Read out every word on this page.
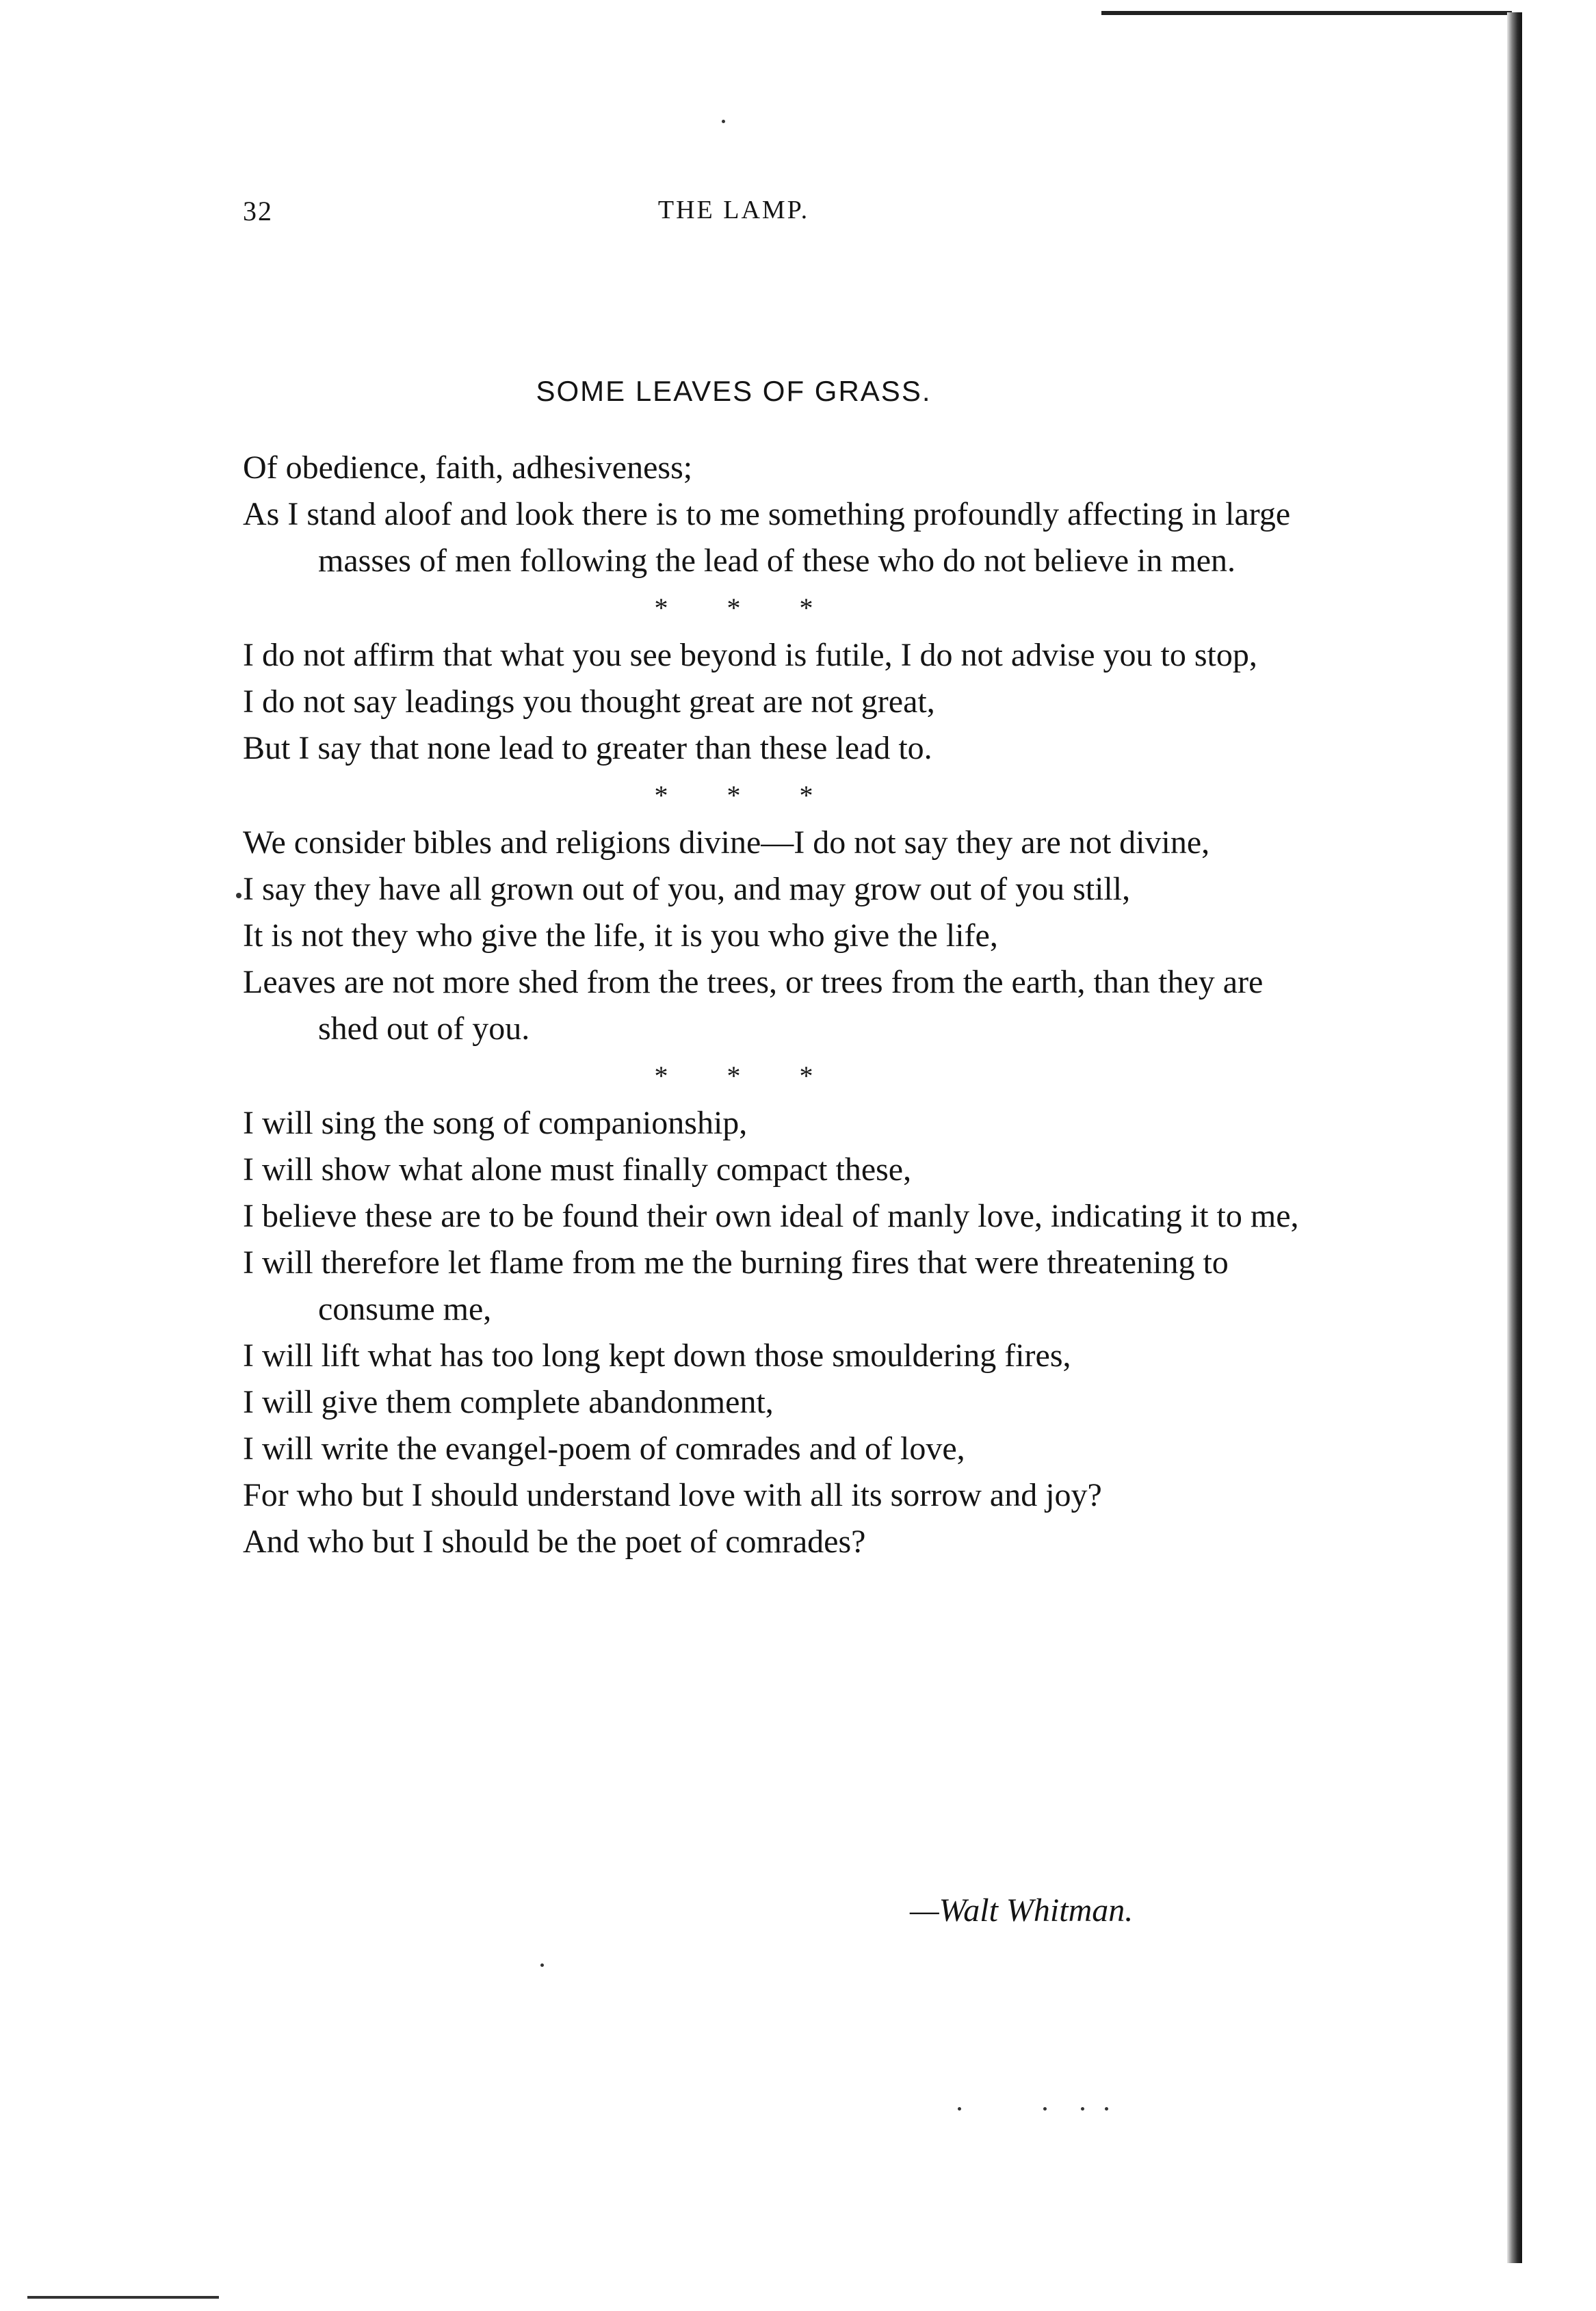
32	THE LAMP.
SOME LEAVES OF GRASS.
Of obedience, faith, adhesiveness;
As I stand aloof and look there is to me something profoundly affecting in large masses of men following the lead of these who do not believe in men.
* * *
I do not affirm that what you see beyond is futile, I do not advise you to stop,
I do not say leadings you thought great are not great,
But I say that none lead to greater than these lead to.
* * *
We consider bibles and religions divine—I do not say they are not divine,
I say they have all grown out of you, and may grow out of you still,
It is not they who give the life, it is you who give the life,
Leaves are not more shed from the trees, or trees from the earth, than they are shed out of you.
* * *
I will sing the song of companionship,
I will show what alone must finally compact these,
I believe these are to be found their own ideal of manly love, indicating it to me,
I will therefore let flame from me the burning fires that were threatening to consume me,
I will lift what has too long kept down those smouldering fires,
I will give them complete abandonment,
I will write the evangel-poem of comrades and of love,
For who but I should understand love with all its sorrow and joy?
And who but I should be the poet of comrades?
—Walt Whitman.
